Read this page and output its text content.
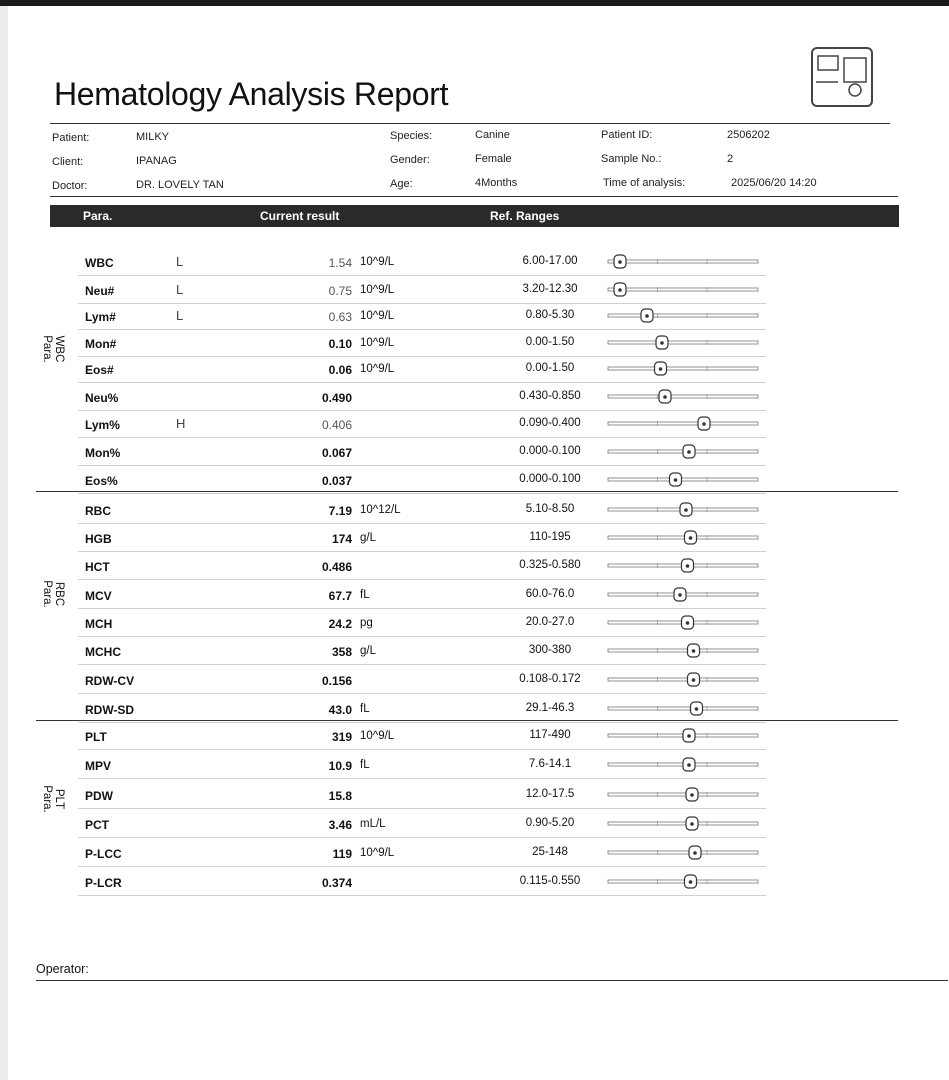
Hematology Analysis Report
Patient:	MILKY
Client:	IPANAG
Doctor:	DR. LOVELY TAN
Species:	Canine
Gender:	Female
Age:	4Months
Patient ID:	2506202
Sample No.:	2
Time of analysis:	2025/06/20 14:20
Para.	Current result	Ref. Ranges
WBC	L	1.54 10^9/L	6.00-17.00
Neu#	L	0.75 10^9/L	3.20-12.30
Lym#	L	0.63 10^9/L	0.80-5.30
Mon#	0.10 10^9/L	0.00-1.50
Eos#	0.06 10^9/L	0.00-1.50
Neu%	0.490	0.430-0.850
Lym%	H	0.406	0.090-0.400
Mon%	0.067	0.000-0.100
Eos%	0.037	0.000-0.100
RBC	7.19 10^12/L	5.10-8.50
HGB	174 g/L	110-195
HCT	0.486	0.325-0.580
MCV	67.7 fL	60.0-76.0
MCH	24.2 pg	20.0-27.0
MCHC	358 g/L	300-380
RDW-CV	0.156	0.108-0.172
RDW-SD	43.0 fL	29.1-46.3
PLT	319 10^9/L	117-490
MPV	10.9 fL	7.6-14.1
PDW	15.8	12.0-17.5
PCT	3.46 mL/L	0.90-5.20
P-LCC	119 10^9/L	25-148
P-LCR	0.374	0.115-0.550
WBC
Para.
RBC
Para.
PLT
Para.
Operator:
